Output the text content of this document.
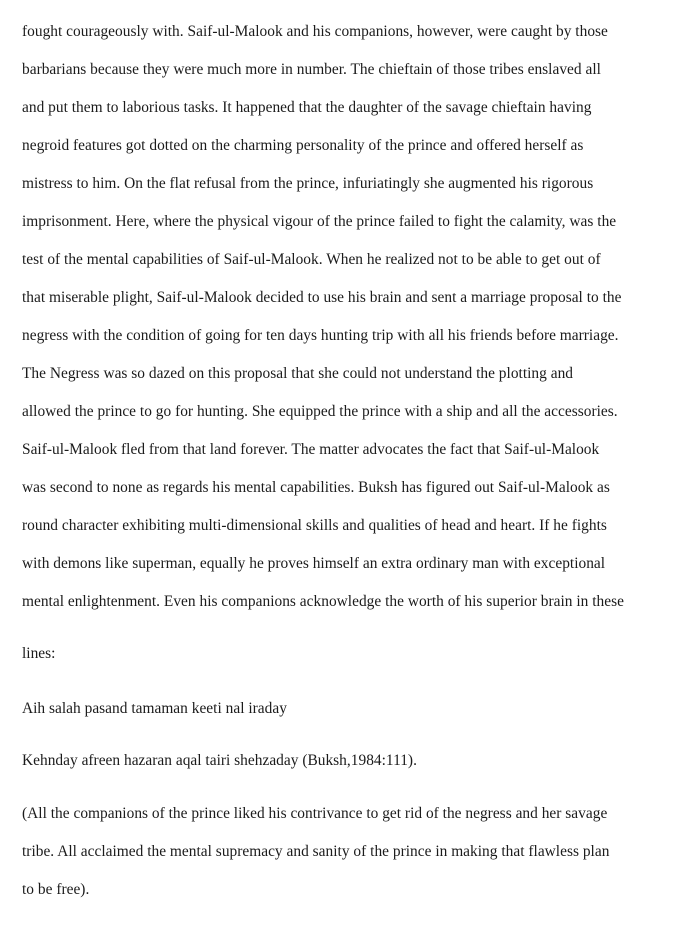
fought courageously with. Saif-ul-Malook and his companions, however, were caught by those
barbarians because they were much more in number. The chieftain of those tribes enslaved all
and put them to laborious tasks. It happened that the daughter of the savage chieftain having
negroid features got dotted on the charming personality of the prince and offered herself as
mistress to him. On the flat refusal from the prince, infuriatingly she augmented his rigorous
imprisonment. Here, where the physical vigour of the prince failed to fight the calamity, was the
test of the mental capabilities of Saif-ul-Malook. When he realized not to be able to get out of
that miserable plight, Saif-ul-Malook decided to use his brain and sent a marriage proposal to the
negress with the condition of going for ten days hunting trip with all his friends before marriage.
The Negress was so dazed on this proposal that she could not understand the plotting and
allowed the prince to go for hunting. She equipped the prince with a ship and all the accessories.
Saif-ul-Malook fled from that land forever. The matter advocates the fact that Saif-ul-Malook
was second to none as regards his mental capabilities. Buksh has figured out Saif-ul-Malook as
round character exhibiting multi-dimensional skills and qualities of head and heart. If he fights
with demons like superman, equally he proves himself an extra ordinary man with exceptional
mental enlightenment. Even his companions acknowledge the worth of his superior brain in these
lines:
Aih salah pasand tamaman keeti nal iraday
Kehnday afreen hazaran aqal tairi shehzaday (Buksh,1984:111).
(All the companions of the prince liked his contrivance to get rid of the negress and her savage
tribe. All acclaimed the mental supremacy and sanity of the prince in making that flawless plan
to be free).
